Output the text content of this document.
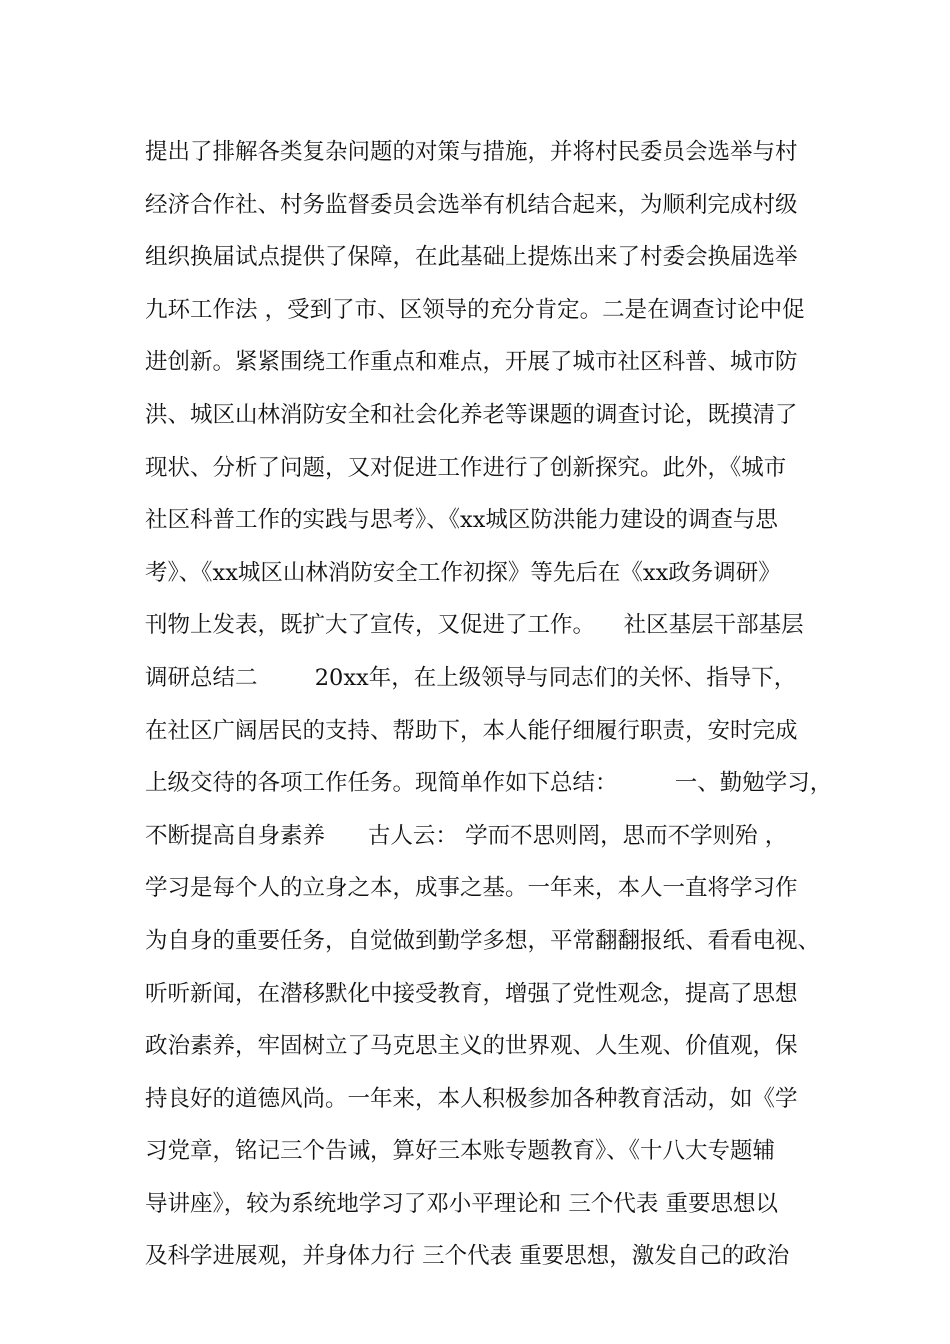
提出了排解各类复杂问题的对策与措施，并将村民委员会选举与村
经济合作社、村务监督委员会选举有机结合起来，为顺利完成村级
组织换届试点提供了保障，在此基础上提炼出来了村委会换届选举
九环工作法 ，受到了市、区领导的充分肯定。二是在调查讨论中促
进创新。紧紧围绕工作重点和难点，开展了城市社区科普、城市防
洪、城区山林消防安全和社会化养老等课题的调查讨论，既摸清了
现状、分析了问题，又对促进工作进行了创新探究。此外，《城市
社区科普工作的实践与思考》、《xx城区防洪能力建设的调查与思
考》、《xx城区山林消防安全工作初探》等先后在《xx政务调研》
刊物上发表，既扩大了宣传，又促进了工作。    社区基层干部基层
调研总结二        20xx年，在上级领导与同志们的关怀、指导下，
在社区广阔居民的支持、帮助下，本人能仔细履行职责，安时完成
上级交待的各项工作任务。现简单作如下总结：        一、勤勉学习，
不断提高自身素养      古人云： 学而不思则罔，思而不学则殆 ，
学习是每个人的立身之本，成事之基。一年来，本人一直将学习作
为自身的重要任务，自觉做到勤学多想，平常翻翻报纸、看看电视、
听听新闻，在潜移默化中接受教育，增强了党性观念，提高了思想
政治素养，牢固树立了马克思主义的世界观、人生观、价值观，保
持良好的道德风尚。一年来，本人积极参加各种教育活动，如《学
习党章，铭记三个告诫，算好三本账专题教育》、《十八大专题辅
导讲座》，较为系统地学习了邓小平理论和 三个代表 重要思想以
及科学进展观，并身体力行 三个代表 重要思想，激发自己的政治
